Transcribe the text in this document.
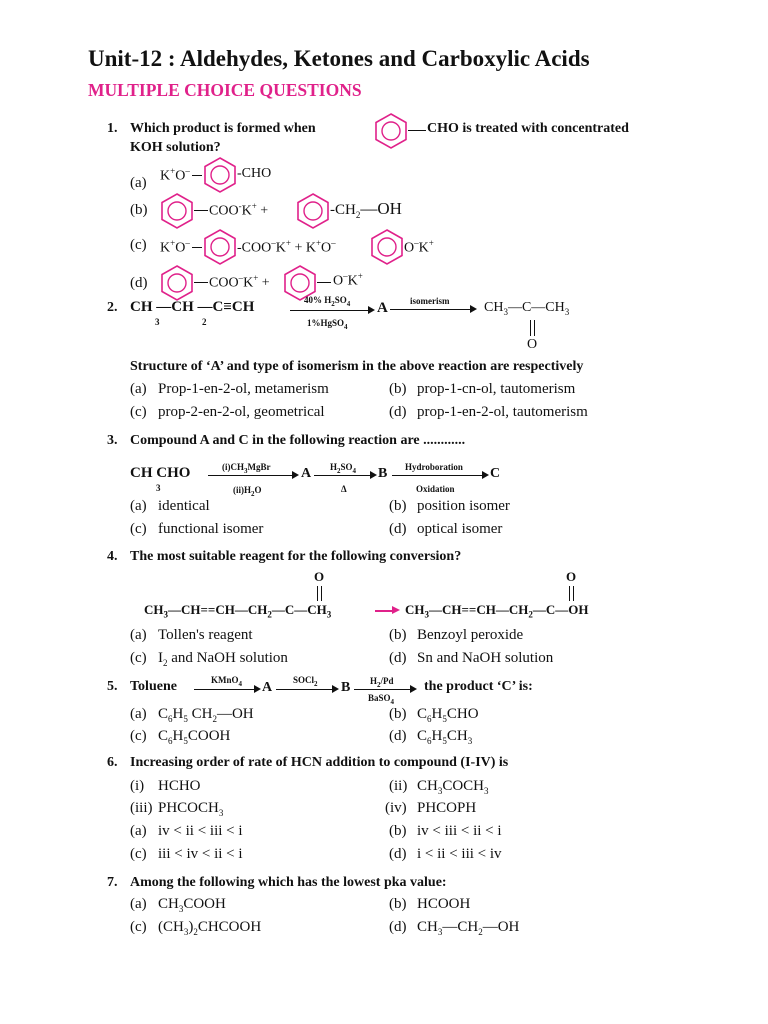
Unit-12 : Aldehydes, Ketones and Carboxylic Acids
MULTIPLE CHOICE QUESTIONS
1. Which product is formed when	CHO is treated with concentrated
KOH solution?
(a) K+O–	-CHO
(b)	COO-K+ +	$-CH_2—OH$
(c) K+O–	-COO–K+ + K+O–	O–K+
(d)	COO–K+ +	O–K+
2. CH —CH —C≡CH
3	2
40% $H_2SO_4$
1%HgSO$_4$
A isomerism $CH_3—C—CH_3$
O
Structure of ‘A’ and type of isomerism in the above reaction are respectively
(a) Prop-1-en-2-ol, metamerism	(b) prop-1-cn-ol, tautomerism
(c) prop-2-en-2-ol, geometrical	(d) prop-1-en-2-ol, tautomerism
3. Compound A and C in the following reaction are ............
CH CHO
3
$(i)CH_3MgBr$
$(ii)H_2O$
A $H_2SO_4$
Δ
B Hydroboration
Oxidation
C
(a) identical	(b) position isomer
(c) functional isomer	(d) optical isomer
4. The most suitable reagent for the following conversion?
O	O
$CH_3—CH==CH—CH_2—C—CH_3$	$CH_3—CH==CH—CH_2—C—OH$
(a) Tollen's reagent	(b) Benzoyl peroxide
(c) $I_2$ and NaOH solution	(d) Sn and NaOH solution
5. Toluene	KMnO$_4$ A SOCl$_2$ B $H_2/Pd$
BaSO$_4$
the product ‘C’ is:
(a) $C_6H_5$ $CH_2—OH$	(b) $C_6H_5CHO$
(c) $C_6H_5COOH$	(d) $C_6H_5CH_3$
6. Increasing order of rate of HCN addition to compound (I-IV) is
(i) HCHO	(ii) $CH_3COCH_3$
(iii) $PHCOCH_3$	(iv) PHCOPH
(a) iv < ii < iii < i	(b) iv < iii < ii < i
(c) iii < iv < ii < i	(d) i < ii < iii < iv
7. Among the following which has the lowest pka value:
(a) $CH_3COOH$	(b) HCOOH
(c) $(CH_3)_2CHCOOH$	(d) $CH_3—CH_2—OH$
